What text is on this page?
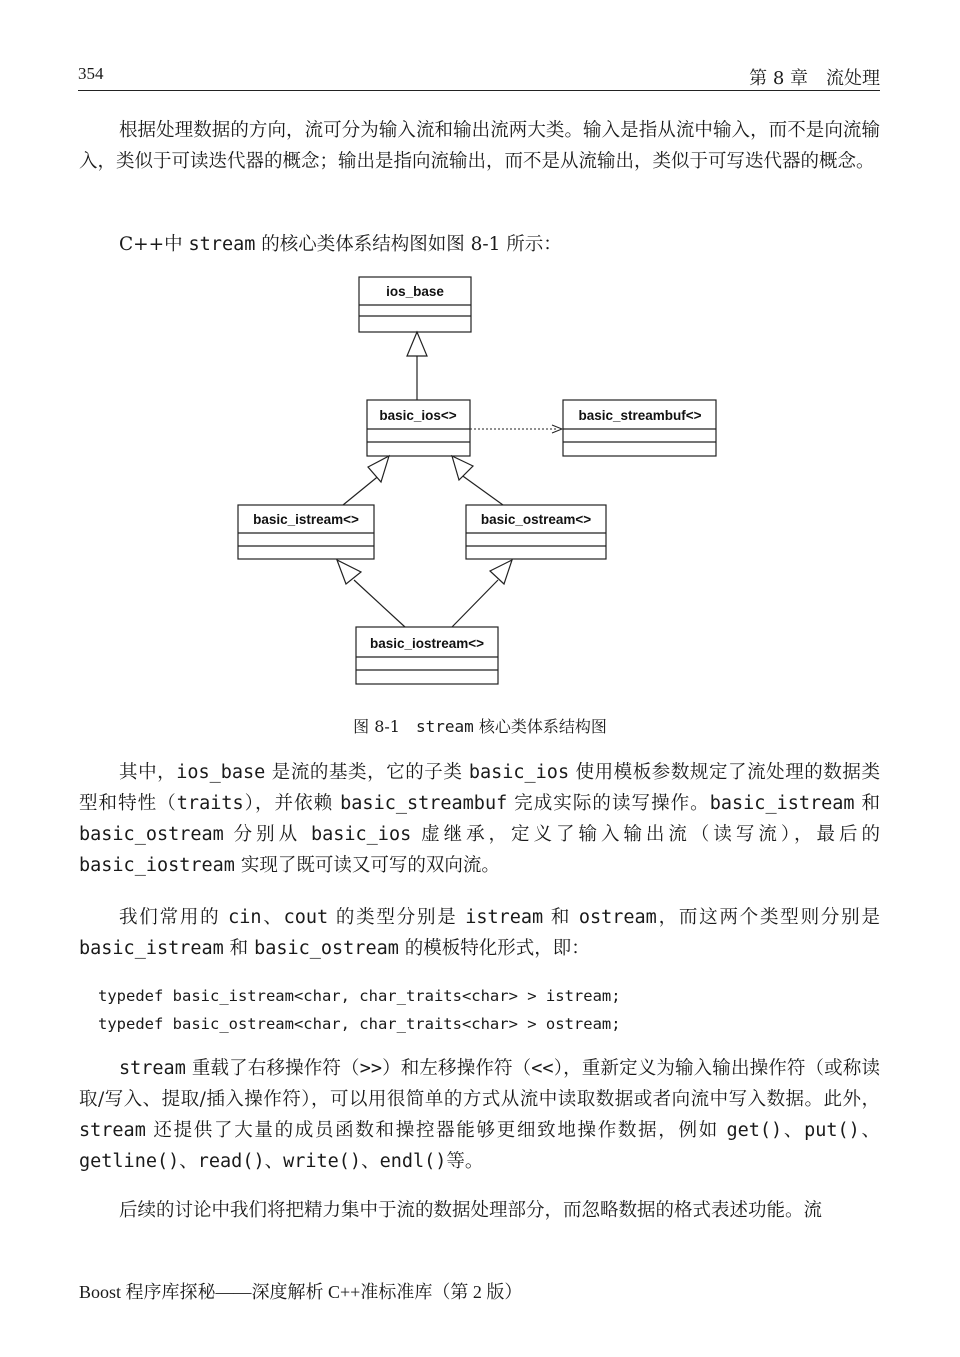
354	第 8 章　流处理

根据处理数据的方向，流可分为输入流和输出流两大类。输入是指从流中输入，而不是向流输入，类似于可读迭代器的概念；输出是指向流输出，而不是从流输出，类似于可写迭代器的概念。

C++中 stream 的核心类体系结构图如图 8-1 所示：

ios_base
basic_ios<>	basic_streambuf<>
basic_istream<>	basic_ostream<>
basic_iostream<>
图 8-1　stream 核心类体系结构图

其中，ios_base 是流的基类，它的子类 basic_ios 使用模板参数规定了流处理的数据类型和特性（traits），并依赖 basic_streambuf 完成实际的读写操作。basic_istream 和 basic_ostream 分别从 basic_ios 虚继承，定义了输入输出流（读写流），最后的 basic_iostream 实现了既可读又可写的双向流。

我们常用的 cin、cout 的类型分别是 istream 和 ostream，而这两个类型则分别是 basic_istream 和 basic_ostream 的模板特化形式，即：

typedef basic_istream<char, char_traits<char> > istream;
typedef basic_ostream<char, char_traits<char> > ostream;

stream 重载了右移操作符（>>）和左移操作符（<<），重新定义为输入输出操作符（或称读取/写入、提取/插入操作符），可以用很简单的方式从流中读取数据或者向流中写入数据。此外，stream 还提供了大量的成员函数和操控器能够更细致地操作数据，例如 get()、put()、getline()、read()、write()、endl()等。

后续的讨论中我们将把精力集中于流的数据处理部分，而忽略数据的格式表述功能。流

Boost 程序库探秘——深度解析 C++准标准库（第 2 版）
